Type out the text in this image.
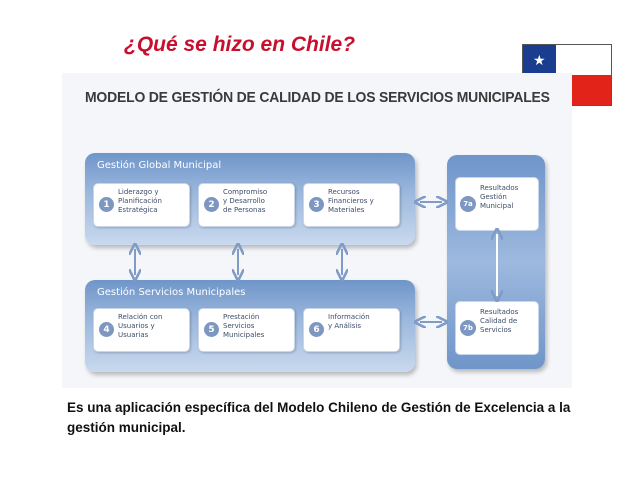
¿Qué se hizo en Chile?
★
MODELO DE GESTIÓN DE CALIDAD DE LOS SERVICIOS MUNICIPALES
Gestión Global Municipal
1
Liderazgo y
Planificación
Estratégica
2
Compromiso
y Desarrollo
de Personas
3
Recursos
Financieros y
Materiales
Gestión Servicios Municipales
4
Relación con
Usuarios y
Usuarias
5
Prestación
Servicios
Municipales
6
Información
y Análisis
7a
Resultados
Gestión
Municipal
7b
Resultados
Calidad de
Servicios
Es una aplicación específica del Modelo Chileno de Gestión de Excelencia a la gestión municipal.
